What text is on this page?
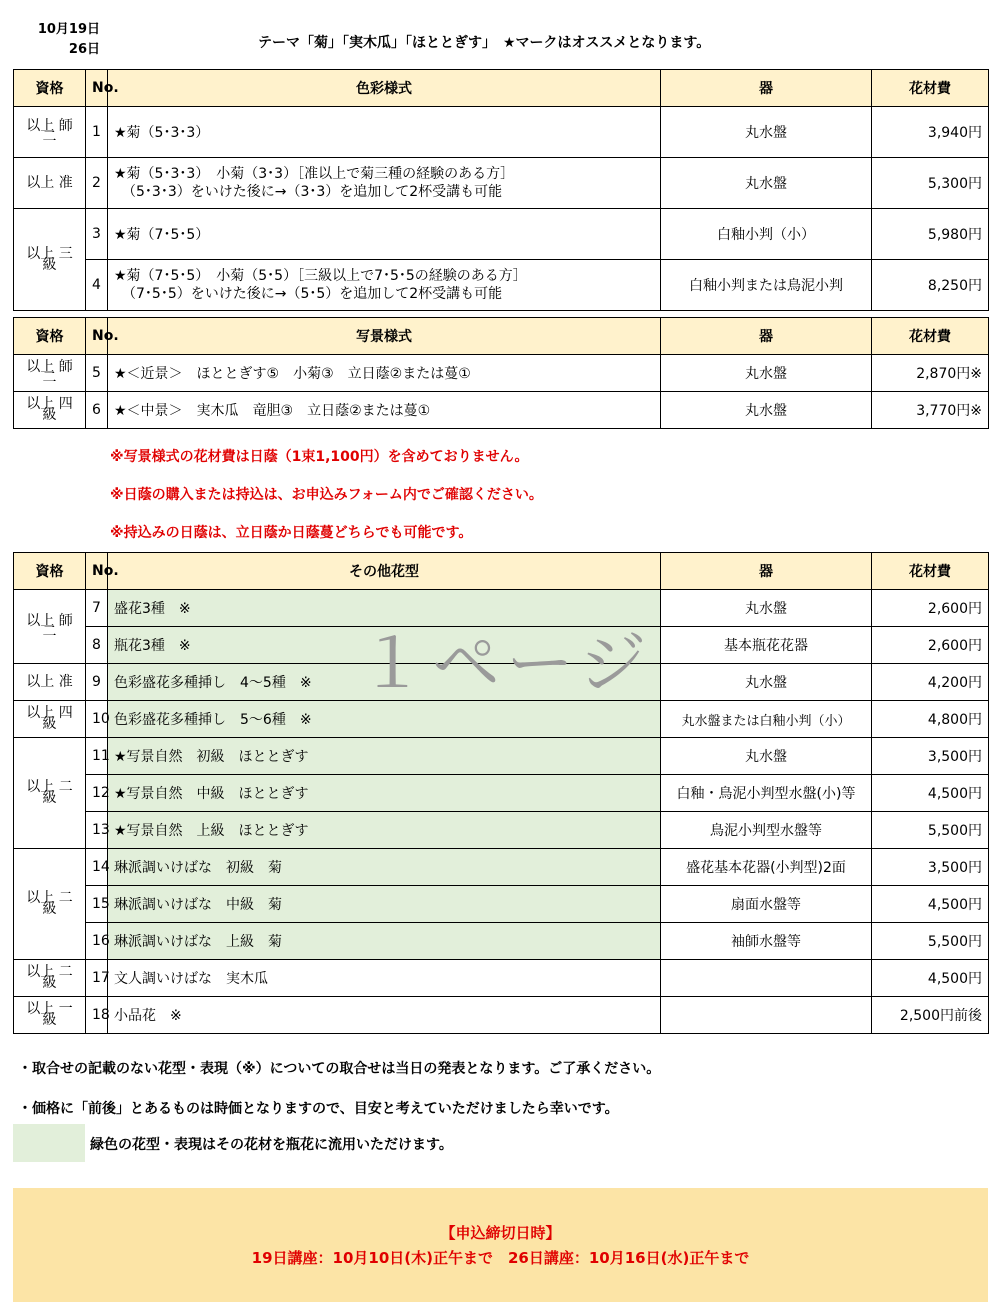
10月19日
26日	テーマ「菊」「実木瓜」「ほととぎす」　★マークはオススメとなります。
資格	No.	色彩様式	器	花材費
以上 師二	1	★菊（5･3･3）	丸水盤	3,940円
以上 准	2	★菊（5･3･3）　小菊（3･3）［准以上で菊三種の経験のある方］
（5･3･3）をいけた後に→（3･3）を追加して2杯受講も可能	丸水盤	5,300円
以上 三級	3	★菊（7･5･5）	白釉小判（小）	5,980円
	4	★菊（7･5･5）　小菊（5･5）［三級以上で7･5･5の経験のある方］
（7･5･5）をいけた後に→（5･5）を追加して2杯受講も可能	白釉小判または鳥泥小判	8,250円
資格	No.	写景様式	器	花材費
以上 師二	5	★＜近景＞　ほととぎす⑤　小菊③　立日蔭②または蔓①	丸水盤	2,870円※
以上 四級	6	★＜中景＞　実木瓜　竜胆③　立日蔭②または蔓①	丸水盤	3,770円※
※写景様式の花材費は日蔭（1束1,100円）を含めておりません。
※日蔭の購入または持込は、お申込みフォーム内でご確認ください。
※持込みの日蔭は、立日蔭か日蔭蔓どちらでも可能です。
資格	No.	その他花型	器	花材費
以上 師二	7	盛花3種　※	丸水盤	2,600円
	8	瓶花3種　※	基本瓶花花器	2,600円
以上 准	9	色彩盛花多種挿し　4～5種　※	丸水盤	4,200円
以上 四級	10	色彩盛花多種挿し　5～6種　※	丸水盤または白釉小判（小）	4,800円
以上 二級	11	★写景自然　初級　ほととぎす	丸水盤	3,500円
	12	★写景自然　中級　ほととぎす	白釉・鳥泥小判型水盤(小)等	4,500円
	13	★写景自然　上級　ほととぎす	鳥泥小判型水盤等	5,500円
以上 二級	14	琳派調いけばな　初級　菊	盛花基本花器(小判型)2面	3,500円
	15	琳派調いけばな　中級　菊	扇面水盤等	4,500円
	16	琳派調いけばな　上級　菊	袖師水盤等	5,500円
以上 二級	17	文人調いけばな　実木瓜		4,500円
以上 一級	18	小品花　※		2,500円前後
１ページ
・取合せの記載のない花型・表現（※）についての取合せは当日の発表となります。ご了承ください。
・価格に「前後」とあるものは時価となりますので、目安と考えていただけましたら幸いです。
緑色の花型・表現はその花材を瓶花に流用いただけます。
【申込締切日時】
19日講座：10月10日(木)正午まで　26日講座：10月16日(水)正午まで
